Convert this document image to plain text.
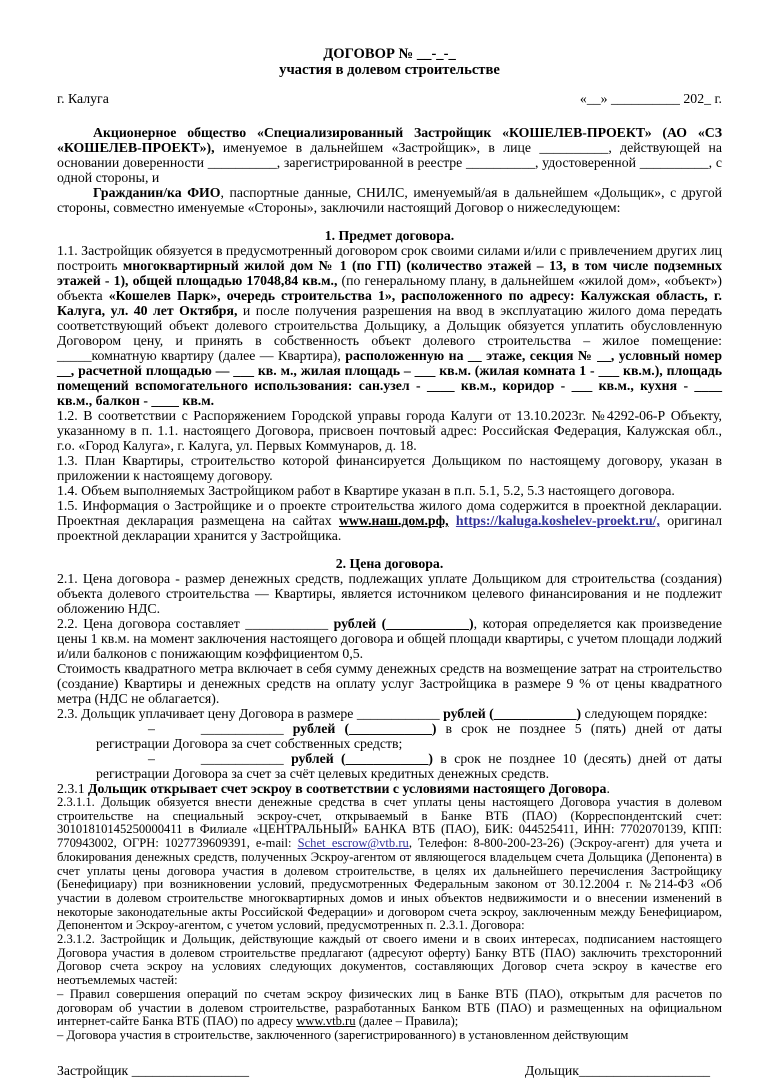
ДОГОВОР № __-_-_
участия в долевом строительстве
г. Калуга	«__» __________ 202_ г.

Акционерное общество «Специализированный Застройщик «КОШЕЛЕВ-ПРОЕКТ» (АО «СЗ «КОШЕЛЕВ-ПРОЕКТ»), именуемое в дальнейшем «Застройщик», в лице __________, действующей на основании доверенности __________, зарегистрированной в реестре __________, удостоверенной __________, с одной стороны, и

Гражданин/ка ФИО, паспортные данные, СНИЛС, именуемый/ая в дальнейшем «Дольщик», с другой стороны, совместно именуемые «Стороны», заключили настоящий Договор о нижеследующем:

1. Предмет договора.

1.1. Застройщик обязуется в предусмотренный договором срок своими силами и/или с привлечением других лиц построить многоквартирный жилой дом № 1 (по ГП) (количество этажей – 13, в том числе подземных этажей - 1), общей площадью 17048,84 кв.м., (по генеральному плану, в дальнейшем «жилой дом», «объект») объекта «Кошелев Парк», очередь строительства 1», расположенного по адресу: Калужская область, г. Калуга, ул. 40 лет Октября, и после получения разрешения на ввод в эксплуатацию жилого дома передать соответствующий объект долевого строительства Дольщику, а Дольщик обязуется уплатить обусловленную Договором цену, и принять в собственность объект долевого строительства – жилое помещение: _____комнатную квартиру (далее — Квартира), расположенную на __ этаже, секция № __, условный номер __, расчетной площадью — ___ кв. м., жилая площадь – ___ кв.м. (жилая комната 1 - ___ кв.м.), площадь помещений вспомогательного использования: сан.узел - ____ кв.м., коридор - ___ кв.м., кухня - ____ кв.м., балкон - ____ кв.м.

1.2. В соответствии с Распоряжением Городской управы города Калуги от 13.10.2023г. №4292-06-Р Объекту, указанному в п. 1.1. настоящего Договора, присвоен почтовый адрес: Российская Федерация, Калужская обл., г.о. «Город Калуга», г. Калуга, ул. Первых Коммунаров, д. 18.

1.3. План Квартиры, строительство которой финансируется Дольщиком по настоящему договору, указан в приложении к настоящему договору.

1.4. Объем выполняемых Застройщиком работ в Квартире указан в п.п. 5.1, 5.2, 5.3 настоящего договора.

1.5. Информация о Застройщике и о проекте строительства жилого дома содержится в проектной декларации. Проектная декларация размещена на сайтах www.наш.дом.рф, https://kaluga.koshelev-proekt.ru/, оригинал проектной декларации хранится у Застройщика.

2. Цена договора.

2.1. Цена договора - размер денежных средств, подлежащих уплате Дольщиком для строительства (создания) объекта долевого строительства — Квартиры, является источником целевого финансирования и не подлежит обложению НДС.

2.2. Цена договора составляет ____________ рублей (____________), которая определяется как произведение цены 1 кв.м. на момент заключения настоящего договора и общей площади квартиры, с учетом площади лоджий и/или балконов с понижающим коэффициентом 0,5.

Стоимость квадратного метра включает в себя сумму денежных средств на возмещение затрат на строительство (создание) Квартиры и денежных средств на оплату услуг Застройщика в размере 9 % от цены квадратного метра (НДС не облагается).

2.3. Дольщик уплачивает цену Договора в размере ____________ рублей (____________) следующем порядке:

–	____________ рублей (____________) в срок не позднее 5 (пять) дней от даты регистрации Договора за счет собственных средств;

–	____________ рублей (____________) в срок не позднее 10 (десять) дней от даты регистрации Договора за счет за счёт целевых кредитных денежных средств.

2.3.1 Дольщик открывает счет эскроу в соответствии с условиями настоящего Договора.

2.3.1.1. Дольщик обязуется внести денежные средства в счет уплаты цены настоящего Договора участия в долевом строительстве на специальный эскроу-счет, открываемый в Банке ВТБ (ПАО) (Корреспондентский счет: 30101810145250000411 в Филиале «ЦЕНТРАЛЬНЫЙ» БАНКА ВТБ (ПАО), БИК: 044525411, ИНН: 7702070139, КПП: 770943002, ОГРН: 1027739609391, e-mail: Schet_escrow@vtb.ru, Телефон: 8-800-200-23-26) (Эскроу-агент) для учета и блокирования денежных средств, полученных Эскроу-агентом от являющегося владельцем счета Дольщика (Депонента) в счет уплаты цены договора участия в долевом строительстве, в целях их дальнейшего перечисления Застройщику (Бенефициару) при возникновении условий, предусмотренных Федеральным законом от 30.12.2004 г. №214-ФЗ «Об участии в долевом строительстве многоквартирных домов и иных объектов недвижимости и о внесении изменений в некоторые законодательные акты Российской Федерации» и договором счета эскроу, заключенным между Бенефициаром, Депонентом и Эскроу-агентом, с учетом условий, предусмотренных п. 2.3.1. Договора:

2.3.1.2. Застройщик и Дольщик, действующие каждый от своего имени и в своих интересах, подписанием настоящего Договора участия в долевом строительстве предлагают (адресуют оферту) Банку ВТБ (ПАО) заключить трехсторонний Договор счета эскроу на условиях следующих документов, составляющих Договор счета эскроу в качестве его неотъемлемых частей:

– Правил совершения операций по счетам эскроу физических лиц в Банке ВТБ (ПАО), открытым для расчетов по договорам об участии в долевом строительстве, разработанных Банком ВТБ (ПАО) и размещенных на официальном интернет-сайте Банка ВТБ (ПАО) по адресу www.vtb.ru (далее – Правила);

– Договора участия в строительстве, заключенного (зарегистрированного) в установленном действующим

Застройщик _________________	Дольщик___________________
